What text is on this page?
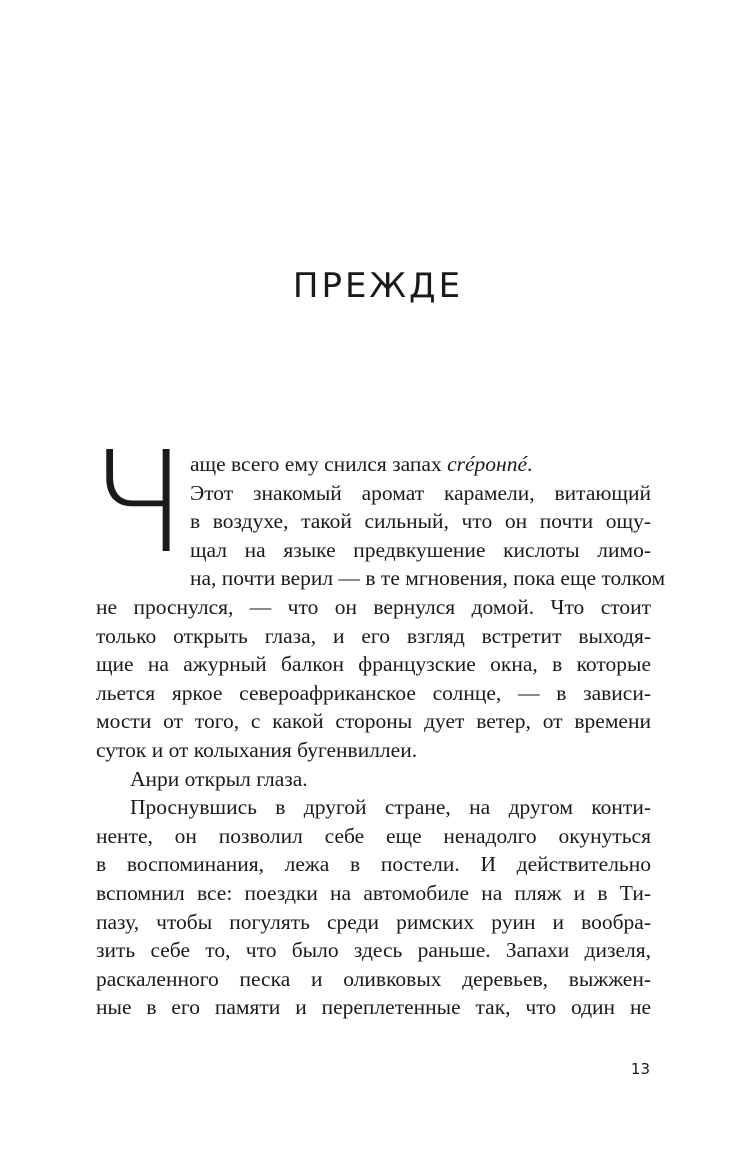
ПРЕЖДЕ
Ч аще всего ему снился запах crépонné.
Этот знакомый аромат карамели, витающий
в воздухе, такой сильный, что он почти ощу-
щал на языке предвкушение кислоты лимо-
на, почти верил — в те мгновения, пока еще толком
не проснулся, — что он вернулся домой. Что стоит
только открыть глаза, и его взгляд встретит выходя-
щие на ажурный балкон французские окна, в которые
льется яркое североафриканское солнце, — в зависи-
мости от того, с какой стороны дует ветер, от времени
суток и от колыхания бугенвиллеи.
Анри открыл глаза.
Проснувшись в другой стране, на другом конти-
ненте, он позволил себе еще ненадолго окунуться
в воспоминания, лежа в постели. И действительно
вспомнил все: поездки на автомобиле на пляж и в Ти-
пазу, чтобы погулять среди римских руин и вообра-
зить себе то, что было здесь раньше. Запахи дизеля,
раскаленного песка и оливковых деревьев, выжжен-
ные в его памяти и переплетенные так, что один не
13
